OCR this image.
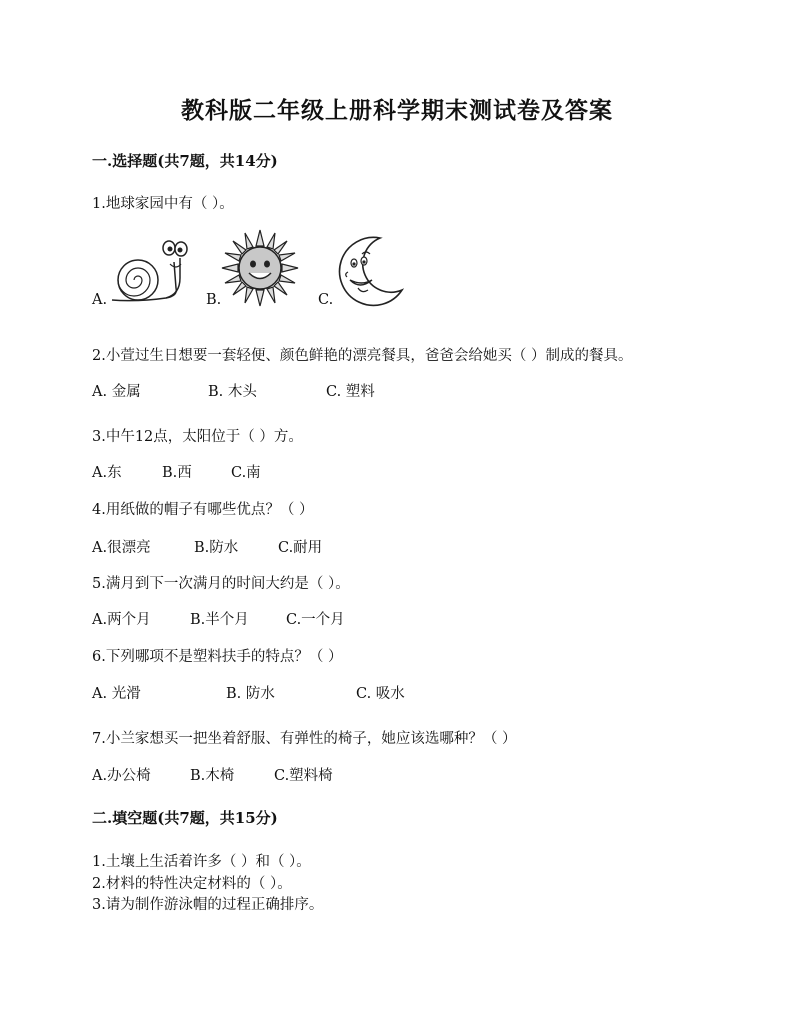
教科版二年级上册科学期末测试卷及答案
一.选择题(共7题，共14分)
1.地球家园中有（ ）。
A.	B.	C.
2.小萱过生日想要一套轻便、颜色鲜艳的漂亮餐具，爸爸会给她买（ ）制成的餐具。
A. 金属	B. 木头	C. 塑料
3.中午12点，太阳位于（ ）方。
A.东	B.西	C.南
4.用纸做的帽子有哪些优点？（ ）
A.很漂亮	B.防水	C.耐用
5.满月到下一次满月的时间大约是（ ）。
A.两个月	B.半个月	C.一个月
6.下列哪项不是塑料扶手的特点？（ ）
A. 光滑	B. 防水	C. 吸水
7.小兰家想买一把坐着舒服、有弹性的椅子，她应该选哪种？（ ）
A.办公椅	B.木椅	C.塑料椅
二.填空题(共7题，共15分)
1.土壤上生活着许多（ ）和（ ）。
2.材料的特性决定材料的（ ）。
3.请为制作游泳帽的过程正确排序。
